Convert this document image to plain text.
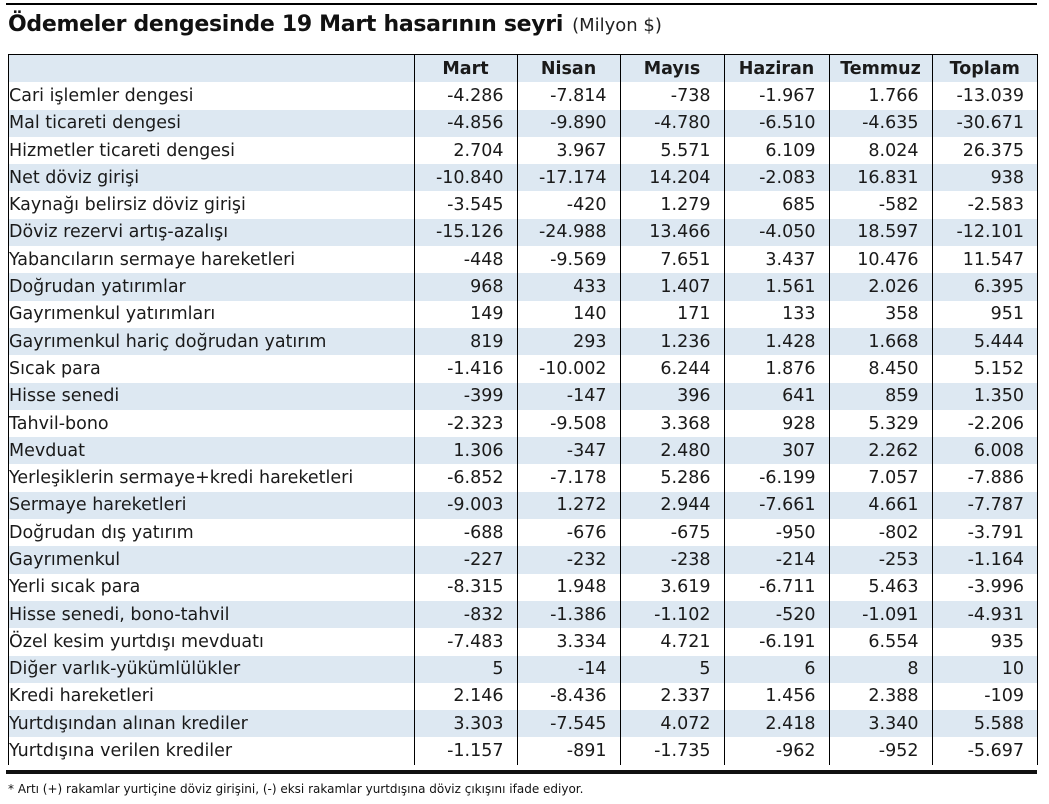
Ödemeler dengesinde 19 Mart hasarının seyri (Milyon $)
	Mart	Nisan	Mayıs	Haziran	Temmuz	Toplam
Cari işlemler dengesi	-4.286	-7.814	-738	-1.967	1.766	-13.039
Mal ticareti dengesi	-4.856	-9.890	-4.780	-6.510	-4.635	-30.671
Hizmetler ticareti dengesi	2.704	3.967	5.571	6.109	8.024	26.375
Net döviz girişi	-10.840	-17.174	14.204	-2.083	16.831	938
Kaynağı belirsiz döviz girişi	-3.545	-420	1.279	685	-582	-2.583
Döviz rezervi artış-azalışı	-15.126	-24.988	13.466	-4.050	18.597	-12.101
Yabancıların sermaye hareketleri	-448	-9.569	7.651	3.437	10.476	11.547
Doğrudan yatırımlar	968	433	1.407	1.561	2.026	6.395
Gayrımenkul yatırımları	149	140	171	133	358	951
Gayrımenkul hariç doğrudan yatırım	819	293	1.236	1.428	1.668	5.444
Sıcak para	-1.416	-10.002	6.244	1.876	8.450	5.152
Hisse senedi	-399	-147	396	641	859	1.350
Tahvil-bono	-2.323	-9.508	3.368	928	5.329	-2.206
Mevduat	1.306	-347	2.480	307	2.262	6.008
Yerleşiklerin sermaye+kredi hareketleri	-6.852	-7.178	5.286	-6.199	7.057	-7.886
Sermaye hareketleri	-9.003	1.272	2.944	-7.661	4.661	-7.787
Doğrudan dış yatırım	-688	-676	-675	-950	-802	-3.791
Gayrımenkul	-227	-232	-238	-214	-253	-1.164
Yerli sıcak para	-8.315	1.948	3.619	-6.711	5.463	-3.996
Hisse senedi, bono-tahvil	-832	-1.386	-1.102	-520	-1.091	-4.931
Özel kesim yurtdışı mevduatı	-7.483	3.334	4.721	-6.191	6.554	935
Diğer varlık-yükümlülükler	5	-14	5	6	8	10
Kredi hareketleri	2.146	-8.436	2.337	1.456	2.388	-109
Yurtdışından alınan krediler	3.303	-7.545	4.072	2.418	3.340	5.588
Yurtdışına verilen krediler	-1.157	-891	-1.735	-962	-952	-5.697
* Artı (+) rakamlar yurtiçine döviz girişini, (-) eksi rakamlar yurtdışına döviz çıkışını ifade ediyor.
